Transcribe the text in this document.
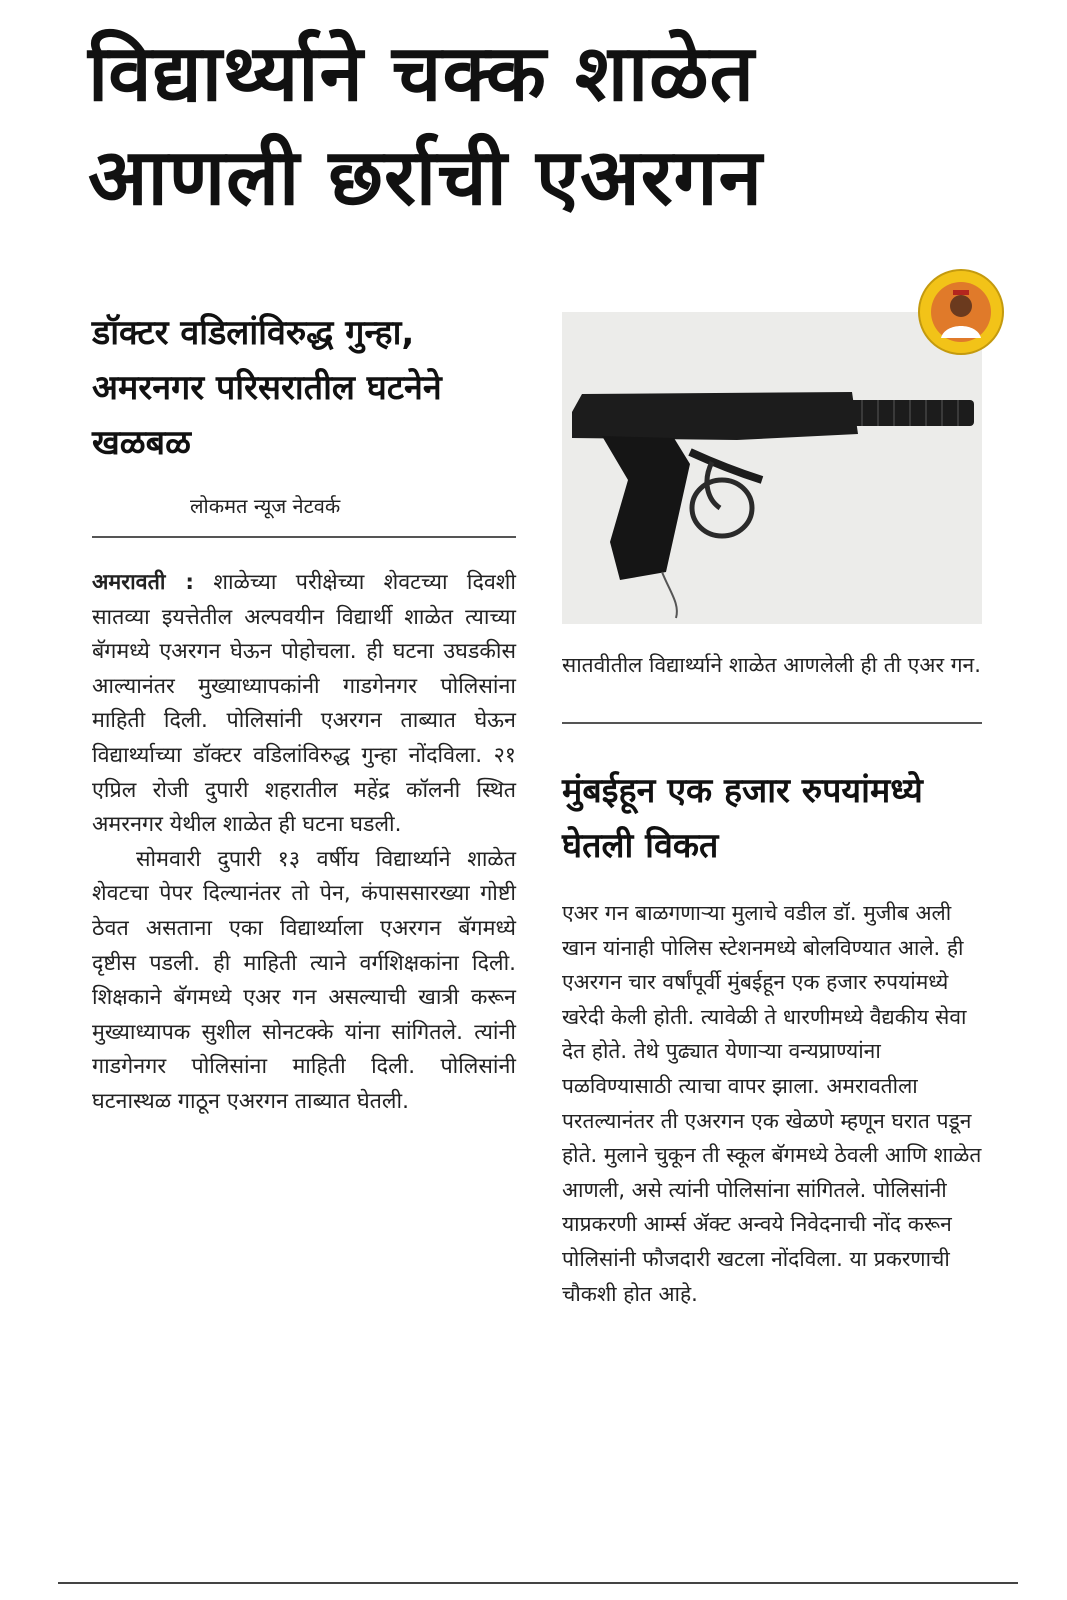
विद्यार्थ्याने चक्क शाळेत आणली छर्राची एअरगन
डॉक्टर वडिलांविरुद्ध गुन्हा, अमरनगर परिसरातील घटनेने खळबळ
लोकमत न्यूज नेटवर्क

अमरावती : शाळेच्या परीक्षेच्या शेवटच्या दिवशी सातव्या इयत्तेतील अल्पवयीन विद्यार्थी शाळेत त्याच्या बॅगमध्ये एअरगन घेऊन पोहोचला. ही घटना उघडकीस आल्यानंतर मुख्याध्यापकांनी गाडगेनगर पोलिसांना माहिती दिली. पोलिसांनी एअरगन ताब्यात घेऊन विद्यार्थ्याच्या डॉक्टर वडिलांविरुद्ध गुन्हा नोंदविला. २१ एप्रिल रोजी दुपारी शहरातील महेंद्र कॉलनी स्थित अमरनगर येथील शाळेत ही घटना घडली.

सोमवारी दुपारी १३ वर्षीय विद्यार्थ्याने शाळेत शेवटचा पेपर दिल्यानंतर तो पेन, कंपाससारख्या गोष्टी ठेवत असताना एका विद्यार्थ्याला एअरगन बॅगमध्ये दृष्टीस पडली. ही माहिती त्याने वर्गशिक्षकांना दिली. शिक्षकाने बॅगमध्ये एअर गन असल्याची खात्री करून मुख्याध्यापक सुशील सोनटक्के यांना सांगितले. त्यांनी गाडगेनगर पोलिसांना माहिती दिली. पोलिसांनी घटनास्थळ गाठून एअरगन ताब्यात घेतली.

सातवीतील विद्यार्थ्याने शाळेत आणलेली ही ती एअर गन.
मुंबईहून एक हजार रुपयांमध्ये घेतली विकत

एअर गन बाळगणाऱ्या मुलाचे वडील डॉ. मुजीब अली खान यांनाही पोलिस स्टेशनमध्ये बोलविण्यात आले. ही एअरगन चार वर्षांपूर्वी मुंबईहून एक हजार रुपयांमध्ये खरेदी केली होती. त्यावेळी ते धारणीमध्ये वैद्यकीय सेवा देत होते. तेथे पुढ्यात येणाऱ्या वन्यप्राण्यांना पळविण्यासाठी त्याचा वापर झाला. अमरावतीला परतल्यानंतर ती एअरगन एक खेळणे म्हणून घरात पडून होते. मुलाने चुकून ती स्कूल बॅगमध्ये ठेवली आणि शाळेत आणली, असे त्यांनी पोलिसांना सांगितले. पोलिसांनी याप्रकरणी आर्म्स ॲक्ट अन्वये निवेदनाची नोंद करून पोलिसांनी फौजदारी खटला नोंदविला. या प्रकरणाची चौकशी होत आहे.
